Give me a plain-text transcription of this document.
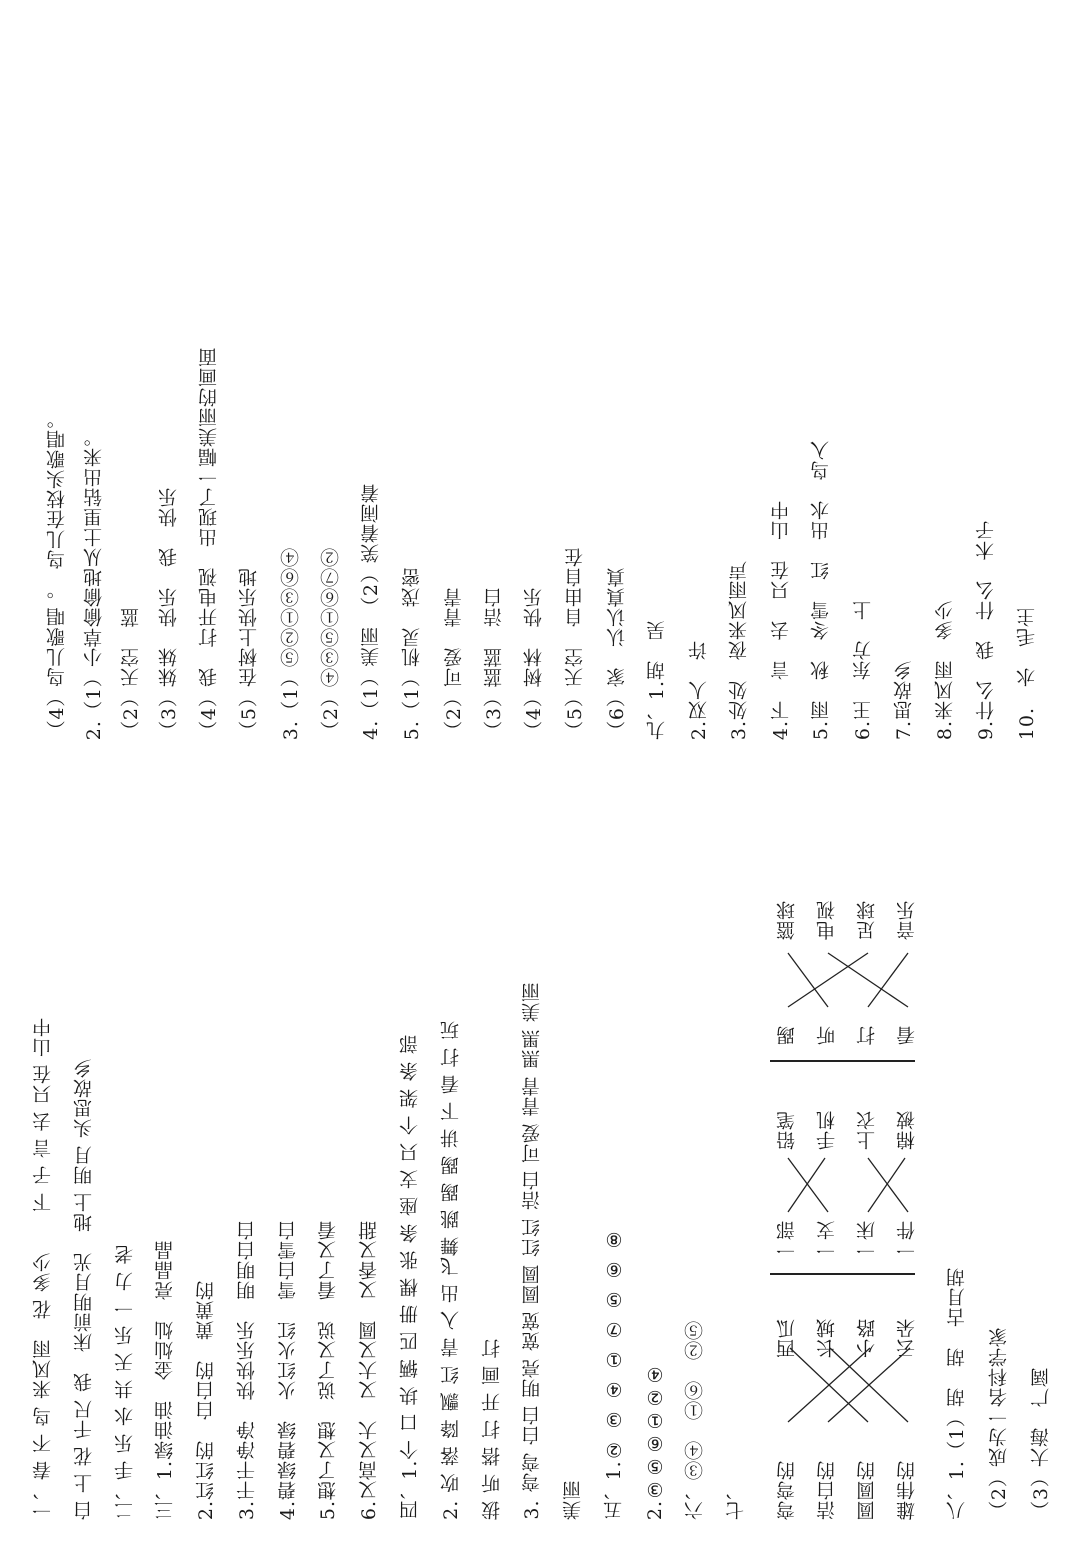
一、春 不 鸟 来风雨　花 多少　　下 子 言 去 只在 山中 白 上 花 千尺 我　床前明月光　地上 明月 头思故乡 二、手 乐 水 共 天 乐 一 力 老 三、1.绿油油　金灿灿　亮晶晶 2.红红的　白白的　黄黄的 3.干干净净　快快乐乐　明明白白 4.碧绿碧绿　火红火红　雪白雪白 5.想了又想　说了又说　看了又看 6.又高又大　又大又圆　又香又甜 四、1.个 口 块 辆 匹 册 棵 张 条 座 支 只 个 架 条 部 2. 吹 落 降 飘 红 青 入 出 飞舞 跳 踢 踢 讲 下 看 打 玩 拔 听 搭 打 开 画 打 3. 弯弯 白白 明亮 宽宽 圆圆 红红 洁白 可爱 青青 黑黑 美丽 美丽 五、1.② ③ ④ ① ⑦ ⑤ ⑥ ⑧ 2.③⑤⑥①②④ 六、③④　①⑥　②⑤ 七、 弯弯的 洁白的 圆圆的 雄伟的
西瓜 长城 小路 云朵
一部 一支 一床 一件
铅笔 手机 上衣 棉被
踢 听 打 看
篮球 电视 足球 音乐
八、1.（1）胡　胡　古月胡 （2）成为一名科学家 （3）大海　广阔
（4）鸟儿歌唱 。　鸟儿在枝头歌唱。 2.（1）小草偷偷地从土里钻出来。 （2）天空　蓝 （3）妹妹　快乐　我　快乐 （4）我　打开电视　出现了一幅美丽的画面 （5）在树上快乐地 3.（1）⑤②①③⑥④ （2）④③⑤①⑥⑦② 4.（1）美丽　（2）笑着闹着 5.（1）机灵　茂密 （2）可爱　青青 （3）蓝蓝　洁白 （4）树林　快乐 （5）天空　自由自在 （6）家　认认真真 九、1.胡　吴 2.双人　许 3.处处　夜来风雨声 4.下　言　去　只在　山中 5.雨　秋　冬雪　红　出水　鸟入 6.王　东方　上 7.思故乡 8.来风雨　多少 9.什么　我　什么　木子 10.　水　毛主
